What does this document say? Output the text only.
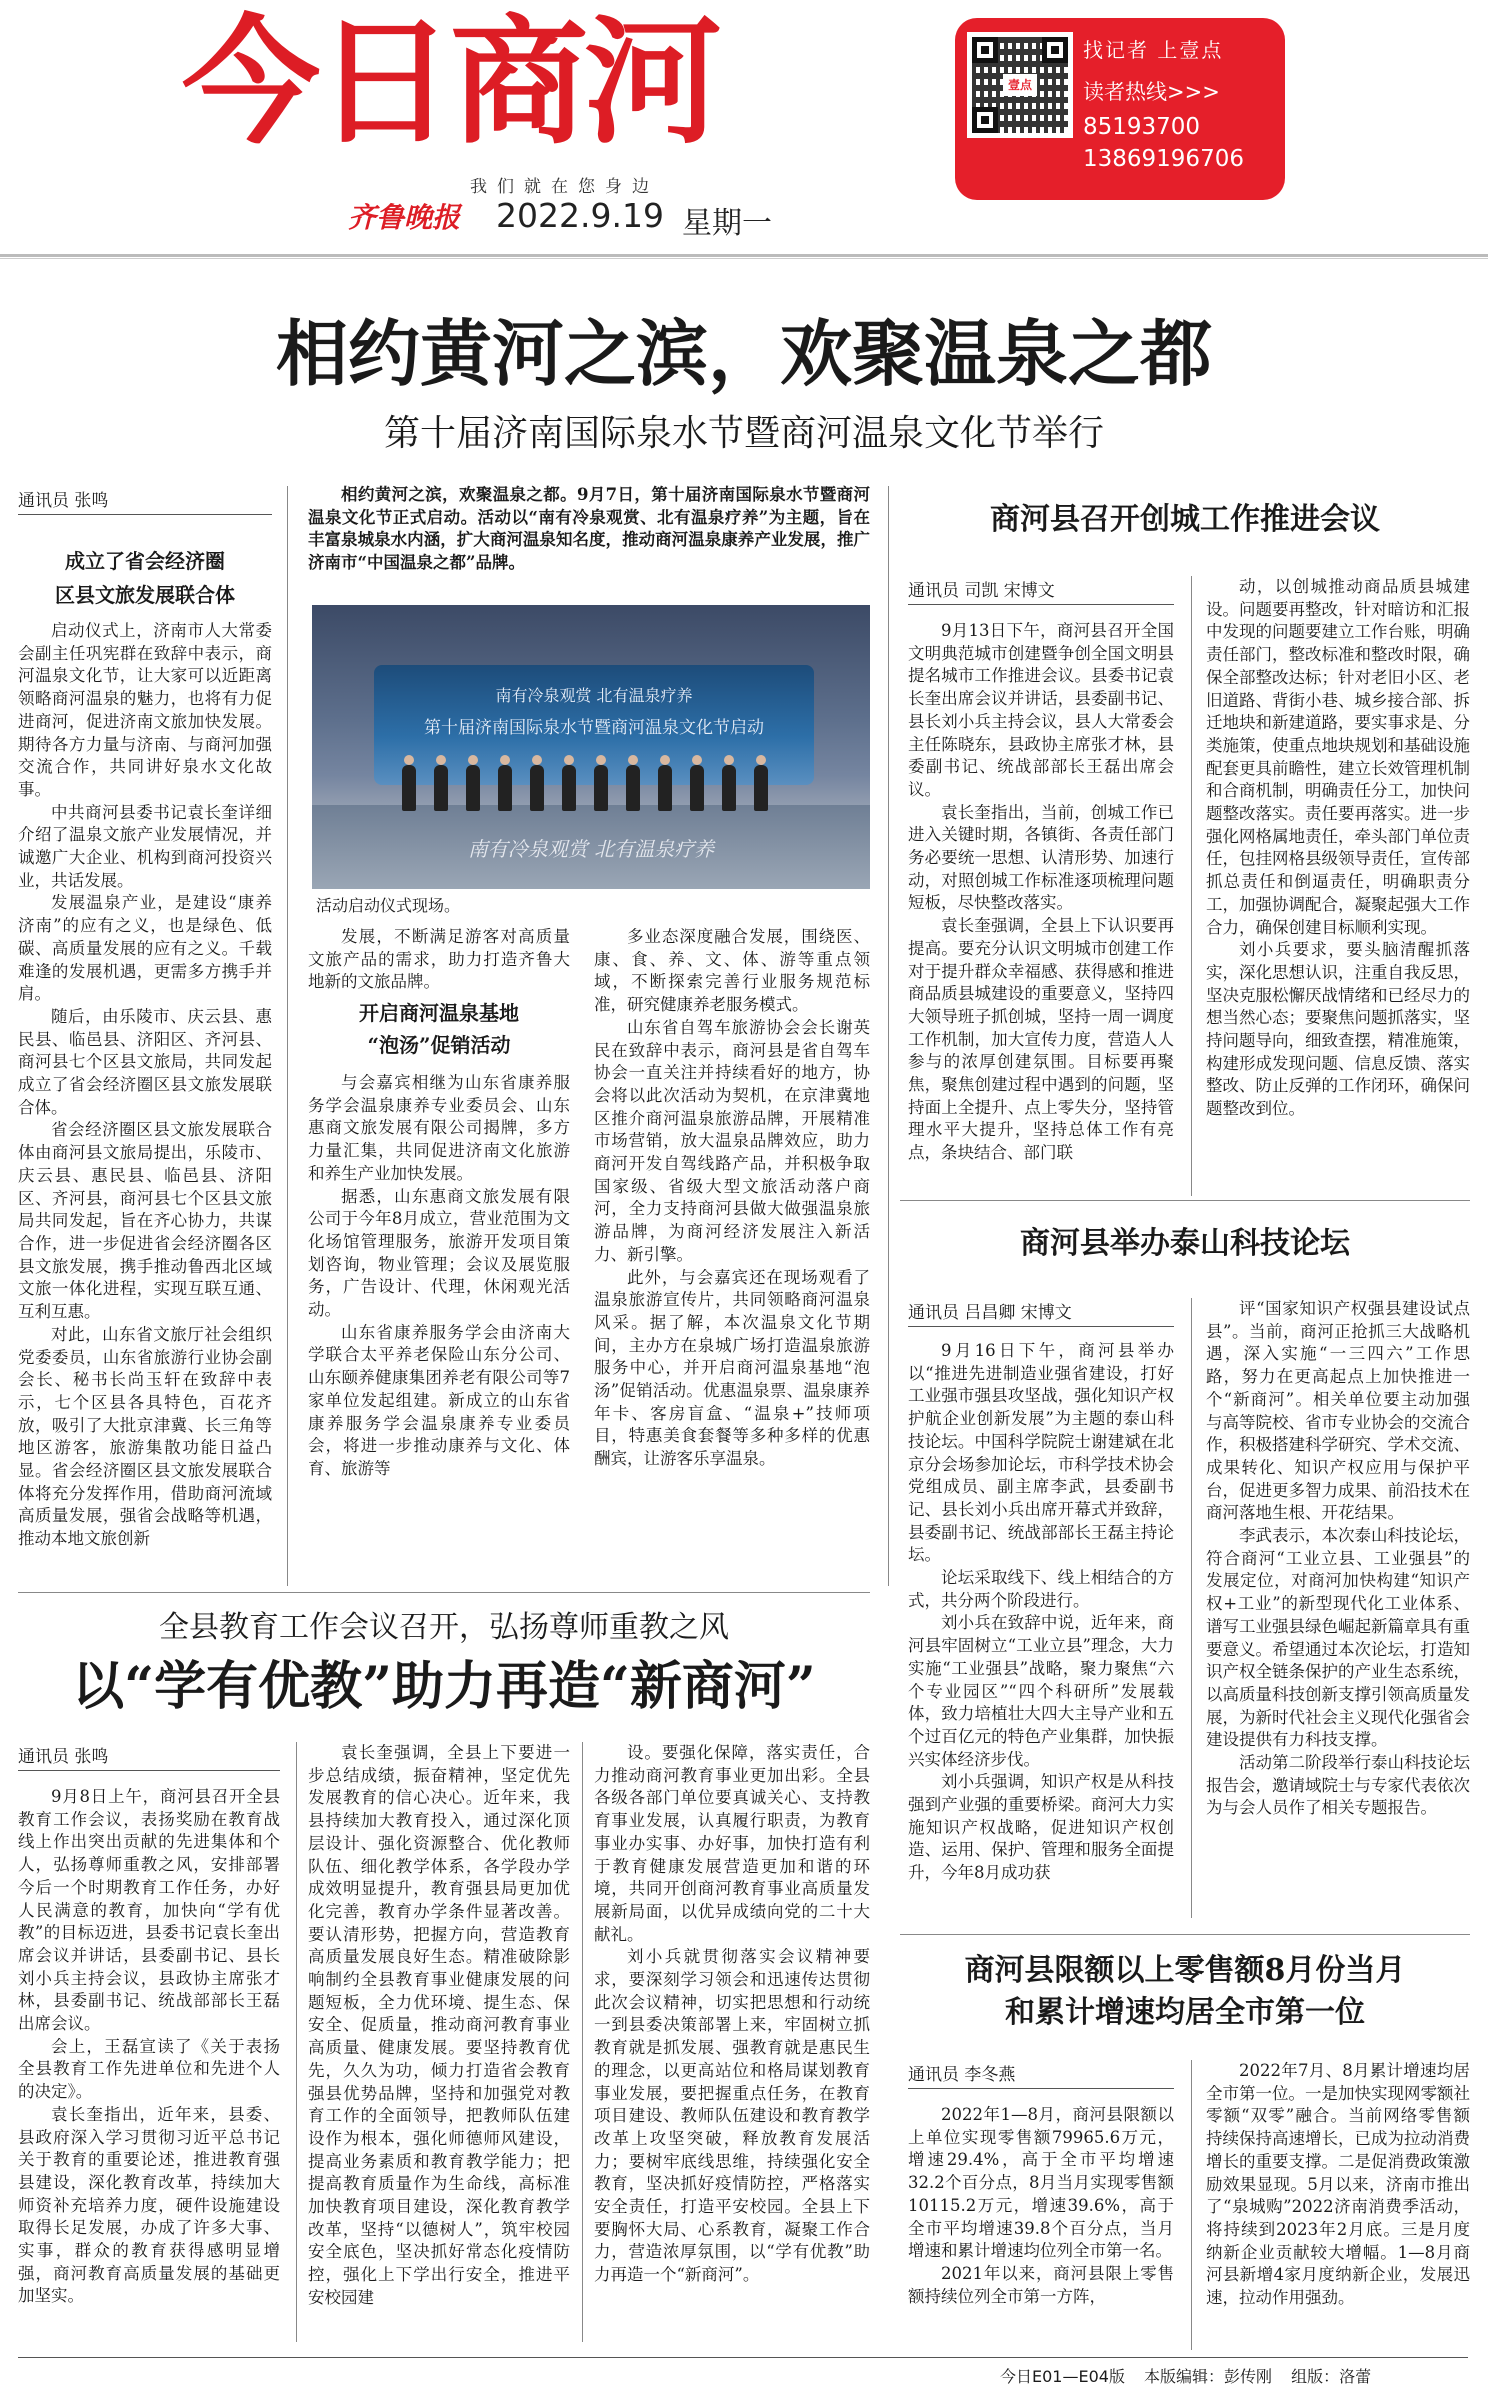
今日商河
我们就在您身边
齐鲁晚报 2022.9.19 星期一
壹点
找记者 上壹点
读者热线>>>
85193700
13869196706
相约黄河之滨，欢聚温泉之都
第十届济南国际泉水节暨商河温泉文化节举行
通讯员 张鸣
成立了省会经济圈
区县文旅发展联合体

启动仪式上，济南市人大常委会副主任巩宪群在致辞中表示，商河温泉文化节，让大家可以近距离领略商河温泉的魅力，也将有力促进商河，促进济南文旅加快发展。期待各方力量与济南、与商河加强交流合作，共同讲好泉水文化故事。

中共商河县委书记袁长奎详细介绍了温泉文旅产业发展情况，并诚邀广大企业、机构到商河投资兴业，共话发展。

发展温泉产业，是建设“康养济南”的应有之义，也是绿色、低碳、高质量发展的应有之义。千载难逢的发展机遇，更需多方携手并肩。

随后，由乐陵市、庆云县、惠民县、临邑县、济阳区、齐河县、商河县七个区县文旅局，共同发起成立了省会经济圈区县文旅发展联合体。

省会经济圈区县文旅发展联合体由商河县文旅局提出，乐陵市、庆云县、惠民县、临邑县、济阳区、齐河县，商河县七个区县文旅局共同发起，旨在齐心协力，共谋合作，进一步促进省会经济圈各区县文旅发展，携手推动鲁西北区域文旅一体化进程，实现互联互通、互利互惠。

对此，山东省文旅厅社会组织党委委员，山东省旅游行业协会副会长、秘书长尚玉轩在致辞中表示，七个区县各具特色，百花齐放，吸引了大批京津冀、长三角等地区游客，旅游集散功能日益凸显。省会经济圈区县文旅发展联合体将充分发挥作用，借助商河流域高质量发展，强省会战略等机遇，推动本地文旅创新

相约黄河之滨，欢聚温泉之都。9月7日，第十届济南国际泉水节暨商河温泉文化节正式启动。活动以“南有冷泉观赏、北有温泉疗养”为主题，旨在丰富泉城泉水内涵，扩大商河温泉知名度，推动商河温泉康养产业发展，推广济南市“中国温泉之都”品牌。

南有冷泉观赏 北有温泉疗养
第十届济南国际泉水节暨商河温泉文化节启动
南有冷泉观赏 北有温泉疗养
活动启动仪式现场。

发展，不断满足游客对高质量文旅产品的需求，助力打造齐鲁大地新的文旅品牌。

开启商河温泉基地
“泡汤”促销活动

与会嘉宾相继为山东省康养服务学会温泉康养专业委员会、山东惠商文旅发展有限公司揭牌，多方力量汇集，共同促进济南文化旅游和养生产业加快发展。

据悉，山东惠商文旅发展有限公司于今年8月成立，营业范围为文化场馆管理服务，旅游开发项目策划咨询，物业管理；会议及展览服务，广告设计、代理，休闲观光活动。

山东省康养服务学会由济南大学联合太平养老保险山东分公司、山东颐养健康集团养老有限公司等7家单位发起组建。新成立的山东省康养服务学会温泉康养专业委员会，将进一步推动康养与文化、体育、旅游等

多业态深度融合发展，围绕医、康、食、养、文、体、游等重点领域，不断探索完善行业服务规范标准，研究健康养老服务模式。

山东省自驾车旅游协会会长谢英民在致辞中表示，商河县是省自驾车协会一直关注并持续看好的地方，协会将以此次活动为契机，在京津冀地区推介商河温泉旅游品牌，开展精准市场营销，放大温泉品牌效应，助力商河开发自驾线路产品，并积极争取国家级、省级大型文旅活动落户商河，全力支持商河县做大做强温泉旅游品牌，为商河经济发展注入新活力、新引擎。

此外，与会嘉宾还在现场观看了温泉旅游宣传片，共同领略商河温泉风采。据了解，本次温泉文化节期间，主办方在泉城广场打造温泉旅游服务中心，并开启商河温泉基地“泡汤”促销活动。优惠温泉票、温泉康养年卡、客房盲盒、“温泉+”技师项目，特惠美食套餐等多种多样的优惠酬宾，让游客乐享温泉。

商河县召开创城工作推进会议
通讯员 司凯 宋博文

9月13日下午，商河县召开全国文明典范城市创建暨争创全国文明县提名城市工作推进会议。县委书记袁长奎出席会议并讲话，县委副书记、县长刘小兵主持会议，县人大常委会主任陈晓东，县政协主席张才林，县委副书记、统战部部长王磊出席会议。

袁长奎指出，当前，创城工作已进入关键时期，各镇街、各责任部门务必要统一思想、认清形势、加速行动，对照创城工作标准逐项梳理问题短板，尽快整改落实。

袁长奎强调，全县上下认识要再提高。要充分认识文明城市创建工作对于提升群众幸福感、获得感和推进商品质县城建设的重要意义，坚持四大领导班子抓创城，坚持一周一调度工作机制，加大宣传力度，营造人人参与的浓厚创建氛围。目标要再聚焦，聚焦创建过程中遇到的问题，坚持面上全提升、点上零失分，坚持管理水平大提升，坚持总体工作有亮点，条块结合、部门联

动，以创城推动商品质县城建设。问题要再整改，针对暗访和汇报中发现的问题要建立工作台账，明确责任部门，整改标准和整改时限，确保全部整改达标；针对老旧小区、老旧道路、背街小巷、城乡接合部、拆迁地块和新建道路，要实事求是、分类施策，使重点地块规划和基础设施配套更具前瞻性，建立长效管理机制和合商机制，明确责任分工，加快问题整改落实。责任要再落实。进一步强化网格属地责任，牵头部门单位责任，包挂网格县级领导责任，宣传部抓总责任和倒逼责任，明确职责分工，加强协调配合，凝聚起强大工作合力，确保创建目标顺利实现。

刘小兵要求，要头脑清醒抓落实，深化思想认识，注重自我反思，坚决克服松懈厌战情绪和已经尽力的想当然心态；要聚焦问题抓落实，坚持问题导向，细致查摆，精准施策，构建形成发现问题、信息反馈、落实整改、防止反弹的工作闭环，确保问题整改到位。

商河县举办泰山科技论坛
通讯员 吕昌卿 宋博文

9月16日下午，商河县举办以“推进先进制造业强省建设，打好工业强市强县攻坚战，强化知识产权护航企业创新发展”为主题的泰山科技论坛。中国科学院院士谢建斌在北京分会场参加论坛，市科学技术协会党组成员、副主席李武，县委副书记、县长刘小兵出席开幕式并致辞，县委副书记、统战部部长王磊主持论坛。

论坛采取线下、线上相结合的方式，共分两个阶段进行。

刘小兵在致辞中说，近年来，商河县牢固树立“工业立县”理念，大力实施“工业强县”战略，聚力聚焦“六个专业园区”“四个科研所”发展载体，致力培植壮大四大主导产业和五个过百亿元的特色产业集群，加快振兴实体经济步伐。

刘小兵强调，知识产权是从科技强到产业强的重要桥梁。商河大力实施知识产权战略，促进知识产权创造、运用、保护、管理和服务全面提升，今年8月成功获

评“国家知识产权强县建设试点县”。当前，商河正抢抓三大战略机遇，深入实施“一三四六”工作思路，努力在更高起点上加快推进一个“新商河”。相关单位要主动加强与高等院校、省市专业协会的交流合作，积极搭建科学研究、学术交流、成果转化、知识产权应用与保护平台，促进更多智力成果、前沿技术在商河落地生根、开花结果。

李武表示，本次泰山科技论坛，符合商河“工业立县、工业强县”的发展定位，对商河加快构建“知识产权+工业”的新型现代化工业体系、谱写工业强县绿色崛起新篇章具有重要意义。希望通过本次论坛，打造知识产权全链条保护的产业生态系统，以高质量科技创新支撑引领高质量发展，为新时代社会主义现代化强省会建设提供有力科技支撑。

活动第二阶段举行泰山科技论坛报告会，邀请域院士与专家代表依次为与会人员作了相关专题报告。

商河县限额以上零售额8月份当月
和累计增速均居全市第一位
通讯员 李冬燕

2022年1—8月，商河县限额以上单位实现零售额79965.6万元，增速29.4%，高于全市平均增速32.2个百分点，8月当月实现零售额10115.2万元，增速39.6%，高于全市平均增速39.8个百分点，当月增速和累计增速均位列全市第一名。

2021年以来，商河县限上零售额持续位列全市第一方阵，

2022年7月、8月累计增速均居全市第一位。一是加快实现网零额社零额“双零”融合。当前网络零售额持续保持高速增长，已成为拉动消费增长的重要支撑。二是促消费政策激励效果显现。5月以来，济南市推出了“泉城购”2022济南消费季活动，将持续到2023年2月底。三是月度纳新企业贡献较大增幅。1—8月商河县新增4家月度纳新企业，发展迅速，拉动作用强劲。

全县教育工作会议召开，弘扬尊师重教之风
以“学有优教”助力再造“新商河”
通讯员 张鸣

9月8日上午，商河县召开全县教育工作会议，表扬奖励在教育战线上作出突出贡献的先进集体和个人，弘扬尊师重教之风，安排部署今后一个时期教育工作任务，办好人民满意的教育，加快向“学有优教”的目标迈进，县委书记袁长奎出席会议并讲话，县委副书记、县长刘小兵主持会议，县政协主席张才林，县委副书记、统战部部长王磊出席会议。

会上，王磊宣读了《关于表扬全县教育工作先进单位和先进个人的决定》。

袁长奎指出，近年来，县委、县政府深入学习贯彻习近平总书记关于教育的重要论述，推进教育强县建设，深化教育改革，持续加大师资补充培养力度，硬件设施建设取得长足发展，办成了许多大事、实事，群众的教育获得感明显增强，商河教育高质量发展的基础更加坚实。

袁长奎强调，全县上下要进一步总结成绩，振奋精神，坚定优先发展教育的信心决心。近年来，我县持续加大教育投入，通过深化顶层设计、强化资源整合、优化教师队伍、细化教学体系，各学段办学成效明显提升，教育强县局更加优化完善，教育办学条件显著改善。要认清形势，把握方向，营造教育高质量发展良好生态。精准破除影响制约全县教育事业健康发展的问题短板，全力优环境、提生态、保安全、促质量，推动商河教育事业高质量、健康发展。要坚持教育优先，久久为功，倾力打造省会教育强县优势品牌，坚持和加强党对教育工作的全面领导，把教师队伍建设作为根本，强化师德师风建设，提高业务素质和教育教学能力；把提高教育质量作为生命线，高标准加快教育项目建设，深化教育教学改革，坚持“以德树人”，筑牢校园安全底色，坚决抓好常态化疫情防控，强化上下学出行安全，推进平安校园建

设。要强化保障，落实责任，合力推动商河教育事业更加出彩。全县各级各部门单位要真诚关心、支持教育事业发展，认真履行职责，为教育事业办实事、办好事，加快打造有利于教育健康发展营造更加和谐的环境，共同开创商河教育事业高质量发展新局面，以优异成绩向党的二十大献礼。

刘小兵就贯彻落实会议精神要求，要深刻学习领会和迅速传达贯彻此次会议精神，切实把思想和行动统一到县委决策部署上来，牢固树立抓教育就是抓发展、强教育就是惠民生的理念，以更高站位和格局谋划教育事业发展，要把握重点任务，在教育项目建设、教师队伍建设和教育教学改革上攻坚突破，释放教育发展活力；要树牢底线思维，持续强化安全教育，坚决抓好疫情防控，严格落实安全责任，打造平安校园。全县上下要胸怀大局、心系教育，凝聚工作合力，营造浓厚氛围，以“学有优教”助力再造一个“新商河”。

今日E01—E04版 本版编辑：彭传刚 组版：洛蕾
